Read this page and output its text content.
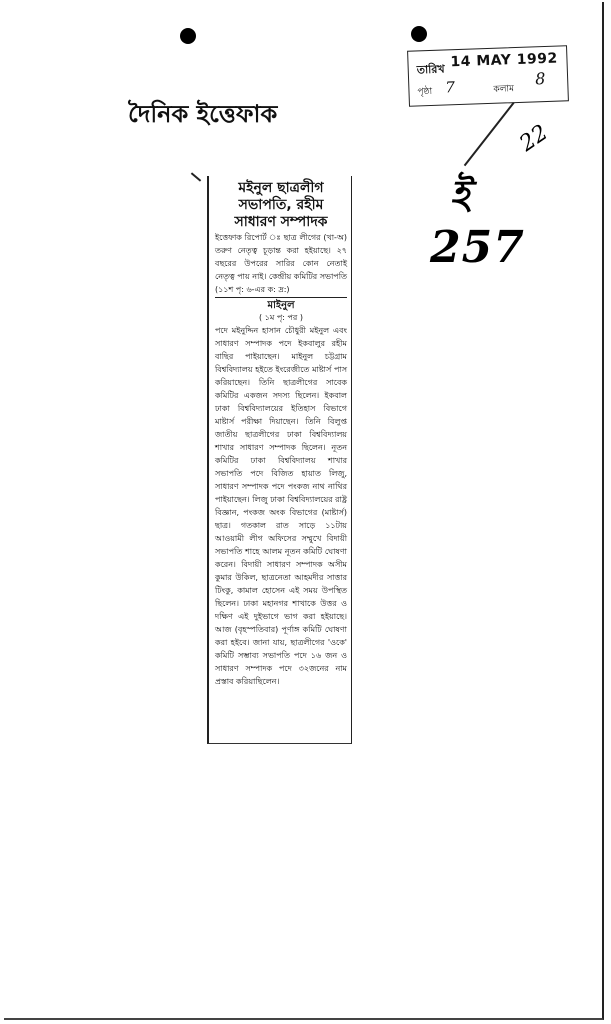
তারিখ 14 MAY 1992
পৃষ্ঠা 7	কলাম
8
দৈনিক ইত্তেফাক
22
ই
257
মইনুল ছাত্রলীগ
সভাপতি, রহীম
সাধারণ সম্পাদক
ইত্তেফাক রিপোর্ট ঃ ছাত্র লীগের (খা-অ) তরুণ নেতৃত্ব চূড়ান্ত করা হইয়াছে। ২৭ বছরের উপরের সারির কোন নেতাই নেতৃত্ব পায় নাই। কেন্দ্রীয় কমিটির সভাপতি (১১শ পৃ: ৬-এর ক: দ্র:)
মাইনুল
( ১ম পৃ: পর )
পদে মইনুদ্দিন হাসান চৌধুরী মইনুল এবং সাধারণ সম্পাদক পদে ইকবালুর রহীম বাছির পাইয়াছেন। মাইনুল চট্টগ্রাম বিশ্ববিদ্যালয় হইতে ইংরেজীতে মাষ্টার্স পাস করিয়াছেন। তিনি ছাত্রলীগের সাবেক কমিটির একজন সদস্য ছিলেন। ইকবাল ঢাকা বিশ্ববিদ্যালয়ের ইতিহাস বিভাগে মাষ্টার্স পরীক্ষা দিয়াছেন। তিনি বিলুপ্ত জাতীয় ছাত্রলীগের ঢাকা বিশ্ববিদ্যালয় শাখার সাধারণ সম্পাদক ছিলেন। নূতন কমিটির ঢাকা বিশ্ববিদ্যালয় শাখার সভাপতি পদে বিজিত হায়াত লিজু, সাধারণ সম্পাদক পদে পংকজ নাথ নাথির পাইয়াছেন। লিজু ঢাকা বিশ্ববিদ্যালয়ের রাষ্ট্র বিজ্ঞান, পংকজ অংক বিভাগের (মাষ্টার্স) ছাত্র। গতকাল রাত সাড়ে ১১টায় আওয়ামী লীগ অফিসের সম্মুখে বিদায়ী সভাপতি শাহে আলম নূতন কমিটি ঘোষণা করেন। বিদায়ী সাধারণ সম্পাদক অসীম কুমার উকিল, ছাত্রনেতা আহমদীর সাত্তার টিংকু, কামাল হোসেন এই সময় উপস্থিত ছিলেন। ঢাকা মহানগর শাখাকে উত্তর ও দক্ষিণ এই দুইভাগে ভাগ করা হইয়াছে। আজ (বৃহস্পতিবার) পূর্ণাঙ্গ কমিটি ঘোষণা করা হইবে। জানা যায়, ছাত্রলীগের 'ওকে' কমিটি সম্ভাব্য সভাপতি পদে ১৬ জন ও সাধারণ সম্পাদক পদে ৩২জনের নাম প্রস্তাব করিয়াছিলেন।
